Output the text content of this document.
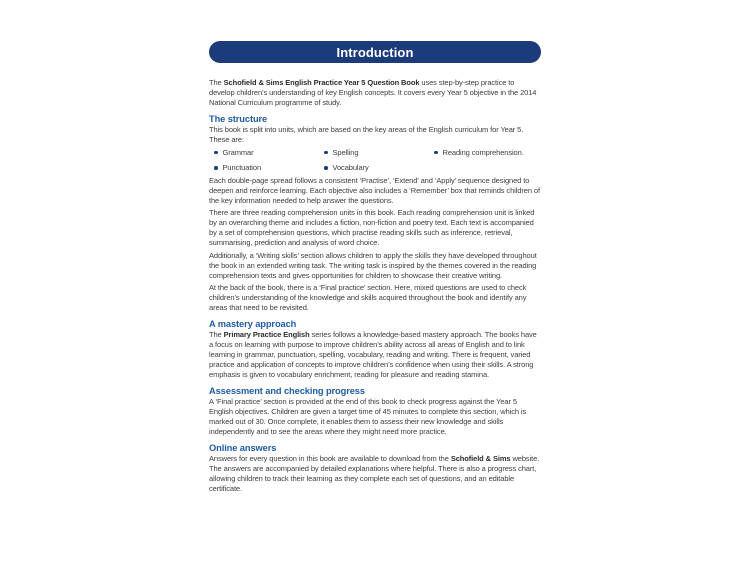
Introduction

The Schofield & Sims English Practice Year 5 Question Book uses step-by-step practice to develop children’s understanding of key English concepts. It covers every Year 5 objective in the 2014 National Curriculum programme of study.

The structure

This book is split into units, which are based on the key areas of the English curriculum for Year 5. These are:

Grammar	Spelling	Reading comprehension.
Punctuation	Vocabulary

Each double-page spread follows a consistent ‘Practise’, ‘Extend’ and ‘Apply’ sequence designed to deepen and reinforce learning. Each objective also includes a ‘Remember’ box that reminds children of the key information needed to help answer the questions.

There are three reading comprehension units in this book. Each reading comprehension unit is linked by an overarching theme and includes a fiction, non-fiction and poetry text. Each text is accompanied by a set of comprehension questions, which practise reading skills such as inference, retrieval, summarising, prediction and analysis of word choice.

Additionally, a ‘Writing skills’ section allows children to apply the skills they have developed throughout the book in an extended writing task. The writing task is inspired by the themes covered in the reading comprehension texts and gives opportunities for children to showcase their creative writing.

At the back of the book, there is a ‘Final practice’ section. Here, mixed questions are used to check children’s understanding of the knowledge and skills acquired throughout the book and identify any areas that need to be revisited.

A mastery approach

The Primary Practice English series follows a knowledge-based mastery approach. The books have a focus on learning with purpose to improve children’s ability across all areas of English and to link learning in grammar, punctuation, spelling, vocabulary, reading and writing. There is frequent, varied practice and application of concepts to improve children’s confidence when using their skills. A strong emphasis is given to vocabulary enrichment, reading for pleasure and reading stamina.

Assessment and checking progress

A ‘Final practice’ section is provided at the end of this book to check progress against the Year 5 English objectives. Children are given a target time of 45 minutes to complete this section, which is marked out of 30. Once complete, it enables them to assess their new knowledge and skills independently and to see the areas where they might need more practice.

Online answers

Answers for every question in this book are available to download from the Schofield & Sims website. The answers are accompanied by detailed explanations where helpful. There is also a progress chart, allowing children to track their learning as they complete each set of questions, and an editable certificate.
